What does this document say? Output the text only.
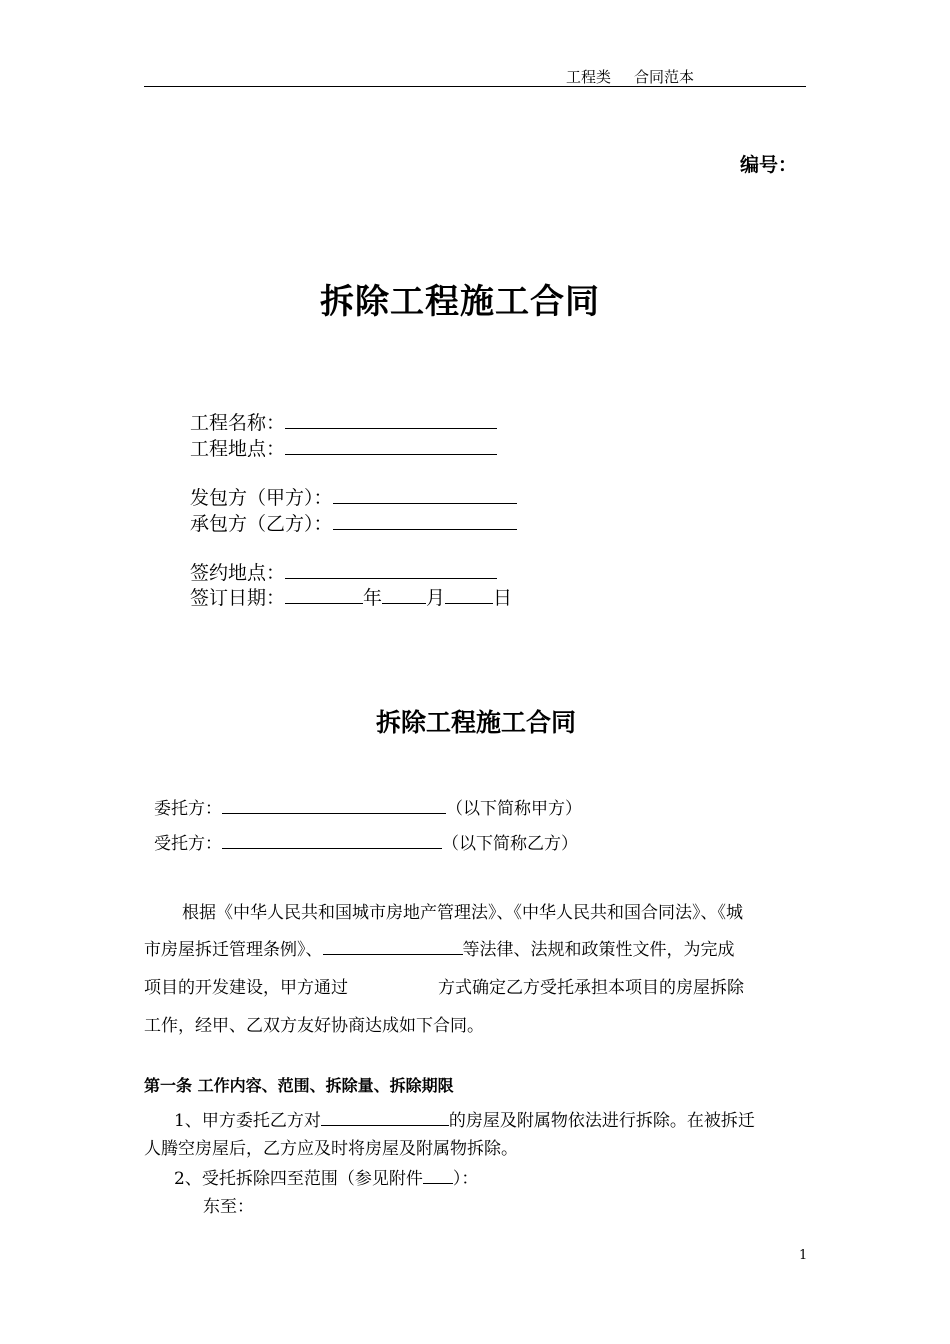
工程类 合同范本
编号：
拆除工程施工合同
工程名称：
工程地点：
发包方（甲方）：
承包方（乙方）：
签约地点：
签订日期：	年 月	日
拆除工程施工合同
委托方：	（以下简称甲方）
受托方：	（以下简称乙方）
根据《中华人民共和国城市房地产管理法》、《中华人民共和国合同法》、《城
市房屋拆迁管理条例》、	等法律、法规和政策性文件，为完成
项目的开发建设，甲方通过	方式确定乙方受托承担本项目的房屋拆除
工作，经甲、乙双方友好协商达成如下合同。
第一条 工作内容、范围、拆除量、拆除期限
1、甲方委托乙方对	的房屋及附属物依法进行拆除。在被拆迁
人腾空房屋后，乙方应及时将房屋及附属物拆除。
2、受托拆除四至范围（参见附件 ）：
东至：
1
